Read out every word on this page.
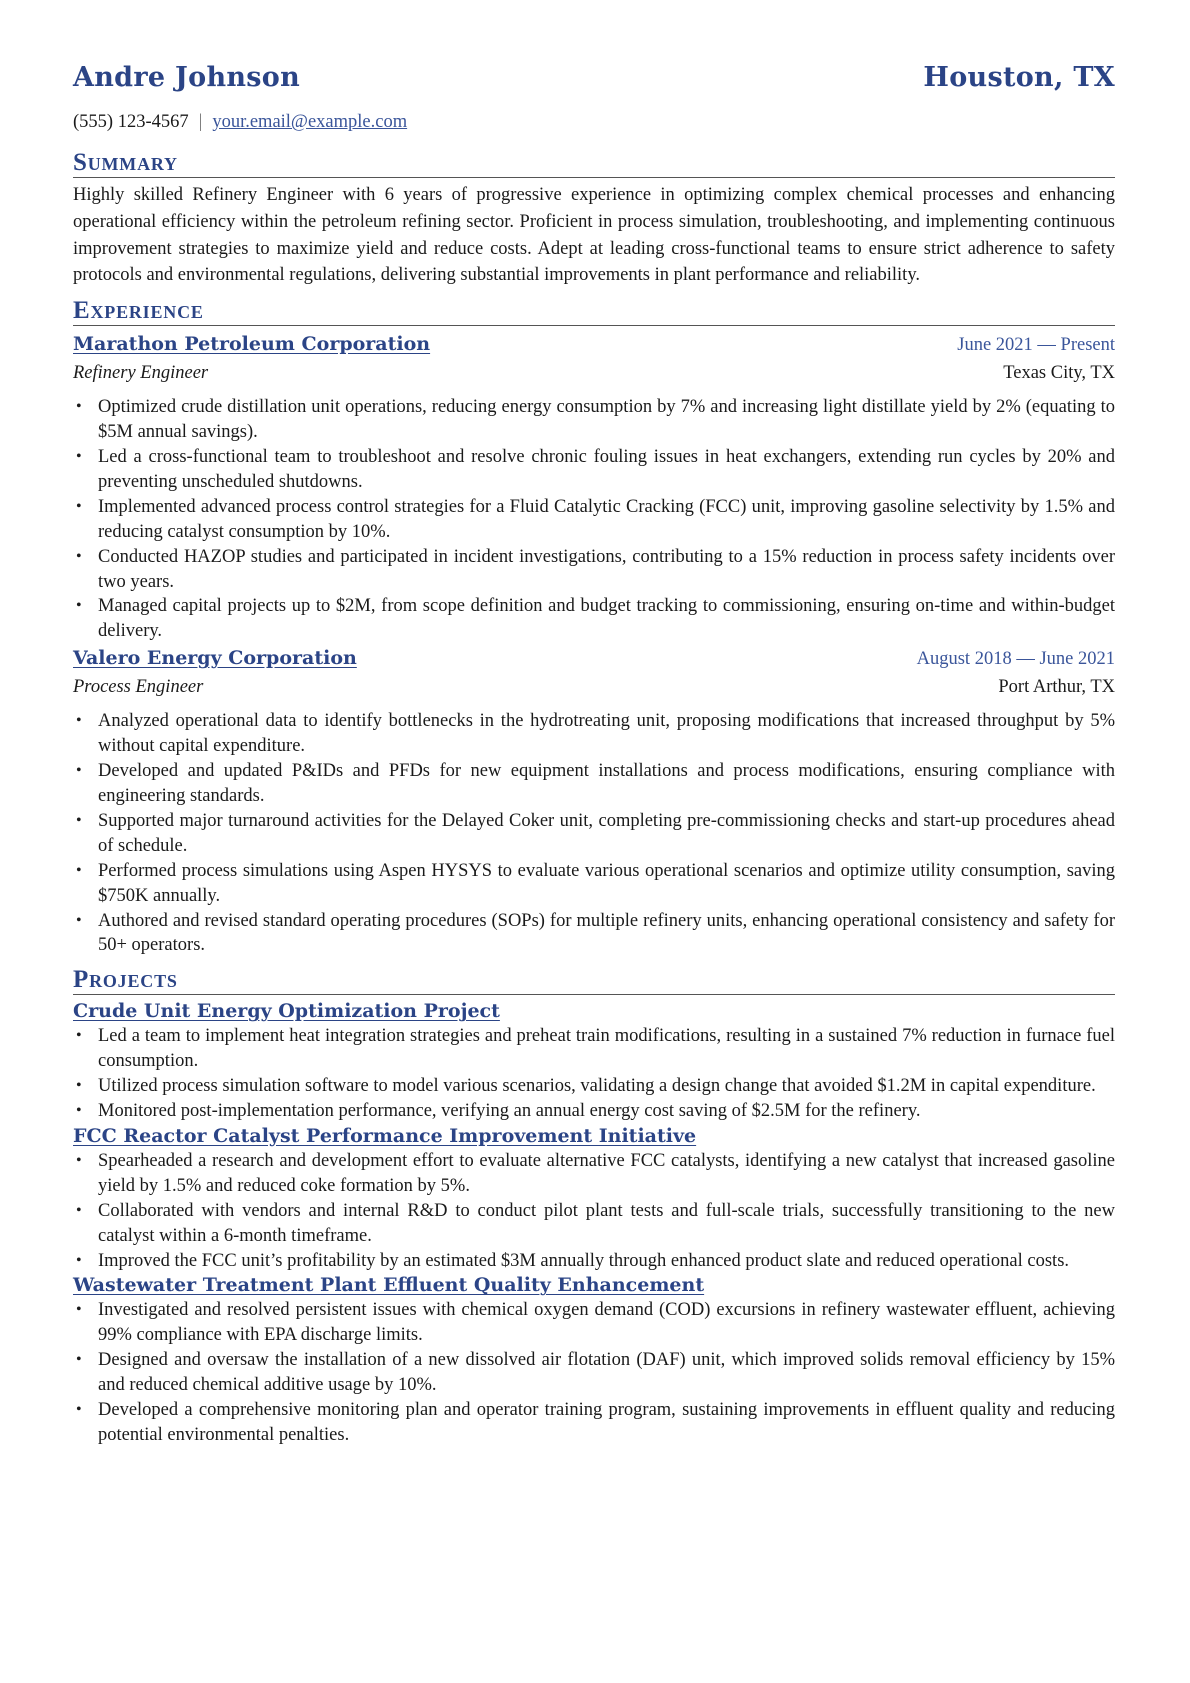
Andre Johnson	Houston, TX
(555) 123-4567 | your.email@example.com
Summary

Highly skilled Refinery Engineer with 6 years of progressive experience in optimizing complex chemical processes and enhancing operational efficiency within the petroleum refining sector. Proficient in process simulation, troubleshooting, and implementing continuous improvement strategies to maximize yield and reduce costs. Adept at leading cross-functional teams to ensure strict adherence to safety protocols and environmental regulations, delivering substantial improvements in plant performance and reliability.

Experience
Marathon Petroleum Corporation	June 2021 — Present
Refinery Engineer	Texas City, TX
• Optimized crude distillation unit operations, reducing energy consumption by 7% and increasing light distillate yield by 2% (equating to $5M annual savings).
• Led a cross-functional team to troubleshoot and resolve chronic fouling issues in heat exchangers, extending run cycles by 20% and preventing unscheduled shutdowns.
• Implemented advanced process control strategies for a Fluid Catalytic Cracking (FCC) unit, improving gasoline selectivity by 1.5% and reducing catalyst consumption by 10%.
• Conducted HAZOP studies and participated in incident investigations, contributing to a 15% reduction in process safety incidents over two years.
• Managed capital projects up to $2M, from scope definition and budget tracking to commissioning, ensuring on-time and within-budget delivery.
Valero Energy Corporation	August 2018 — June 2021
Process Engineer	Port Arthur, TX
• Analyzed operational data to identify bottlenecks in the hydrotreating unit, proposing modifications that increased throughput by 5% without capital expenditure.
• Developed and updated P&IDs and PFDs for new equipment installations and process modifications, ensuring compliance with engineering standards.
• Supported major turnaround activities for the Delayed Coker unit, completing pre-commissioning checks and start-up procedures ahead of schedule.
• Performed process simulations using Aspen HYSYS to evaluate various operational scenarios and optimize utility consumption, saving $750K annually.
• Authored and revised standard operating procedures (SOPs) for multiple refinery units, enhancing operational consistency and safety for 50+ operators.
Projects
Crude Unit Energy Optimization Project
• Led a team to implement heat integration strategies and preheat train modifications, resulting in a sustained 7% reduction in furnace fuel consumption.
• Utilized process simulation software to model various scenarios, validating a design change that avoided $1.2M in capital expenditure.
• Monitored post-implementation performance, verifying an annual energy cost saving of $2.5M for the refinery.
FCC Reactor Catalyst Performance Improvement Initiative
• Spearheaded a research and development effort to evaluate alternative FCC catalysts, identifying a new catalyst that increased gasoline yield by 1.5% and reduced coke formation by 5%.
• Collaborated with vendors and internal R&D to conduct pilot plant tests and full-scale trials, successfully transitioning to the new catalyst within a 6-month timeframe.
• Improved the FCC unit’s profitability by an estimated $3M annually through enhanced product slate and reduced operational costs.
Wastewater Treatment Plant Effluent Quality Enhancement
• Investigated and resolved persistent issues with chemical oxygen demand (COD) excursions in refinery wastewater effluent, achieving 99% compliance with EPA discharge limits.
• Designed and oversaw the installation of a new dissolved air flotation (DAF) unit, which improved solids removal efficiency by 15% and reduced chemical additive usage by 10%.
• Developed a comprehensive monitoring plan and operator training program, sustaining improvements in effluent quality and reducing potential environmental penalties.
